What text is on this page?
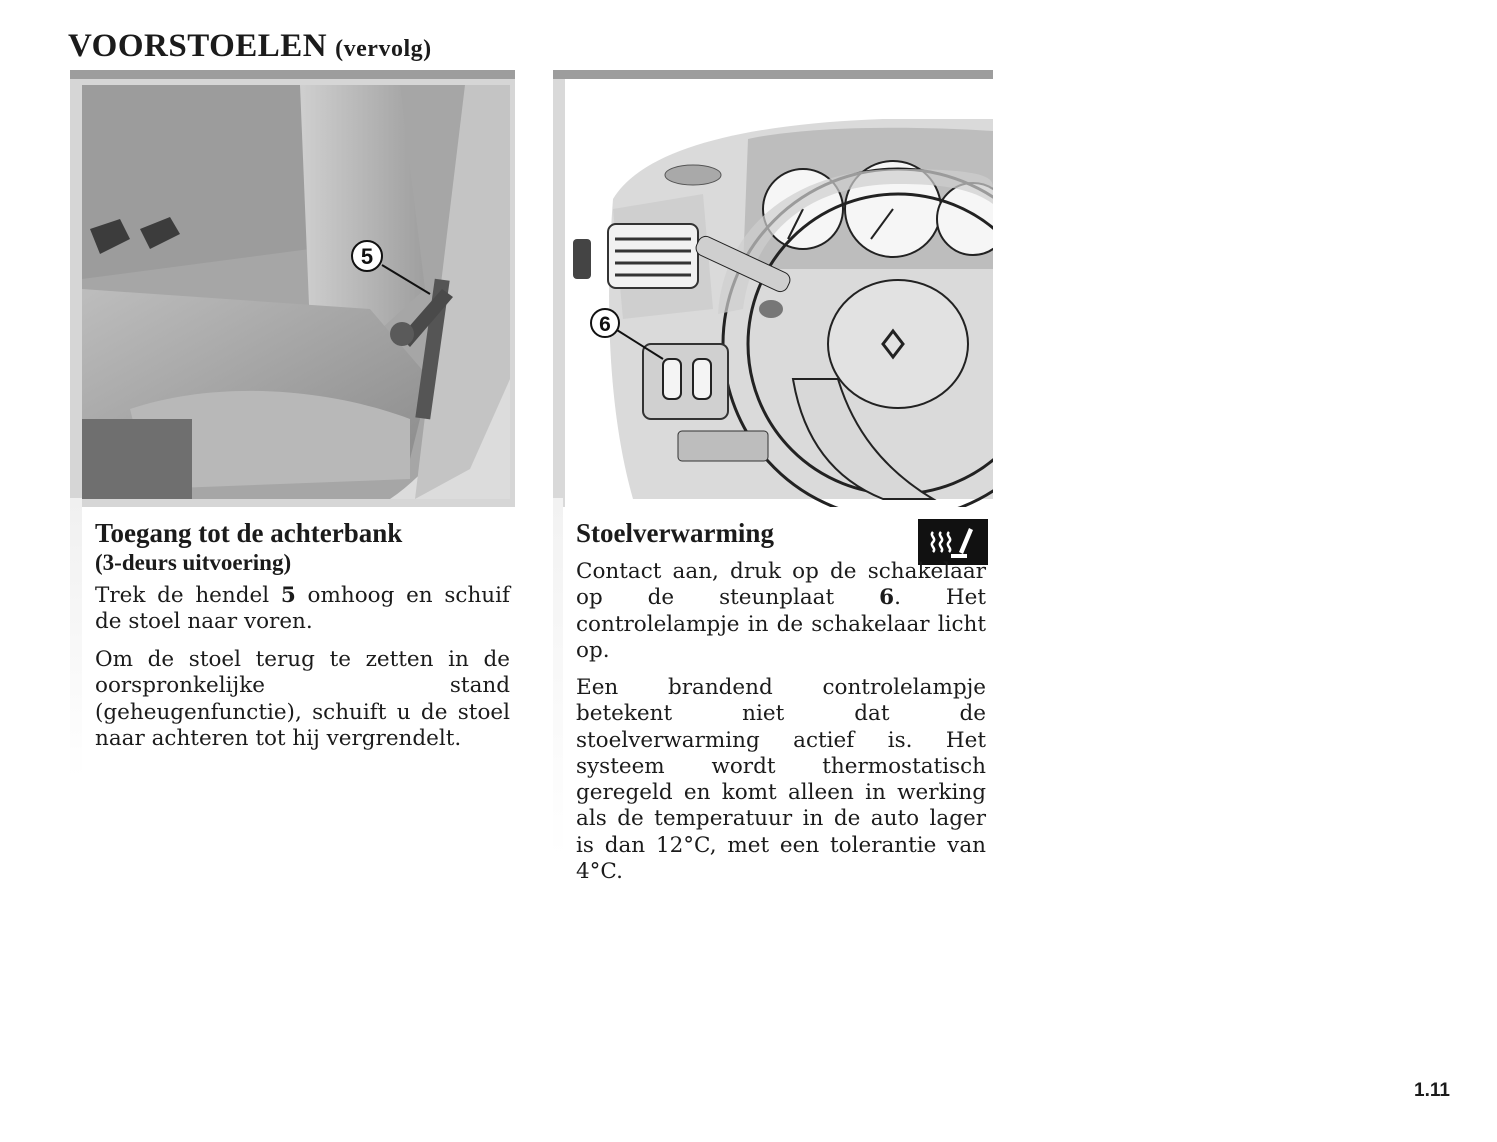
VOORSTOELEN (vervolg)
5
6
Toegang tot de achterbank
(3-deurs uitvoering)

Trek de hendel 5 omhoog en schuif de stoel naar voren.

Om de stoel terug te zetten in de oorspronkelijke stand (geheugenfunctie), schuift u de stoel naar achteren tot hij vergrendelt.

Stoelverwarming

Contact aan, druk op de schakelaar op de steunplaat 6. Het controlelampje in de schakelaar licht op.

Een brandend controlelampje betekent niet dat de stoelverwarming actief is. Het systeem wordt thermostatisch geregeld en komt alleen in werking als de temperatuur in de auto lager is dan 12°C, met een tolerantie van 4°C.

1.11
